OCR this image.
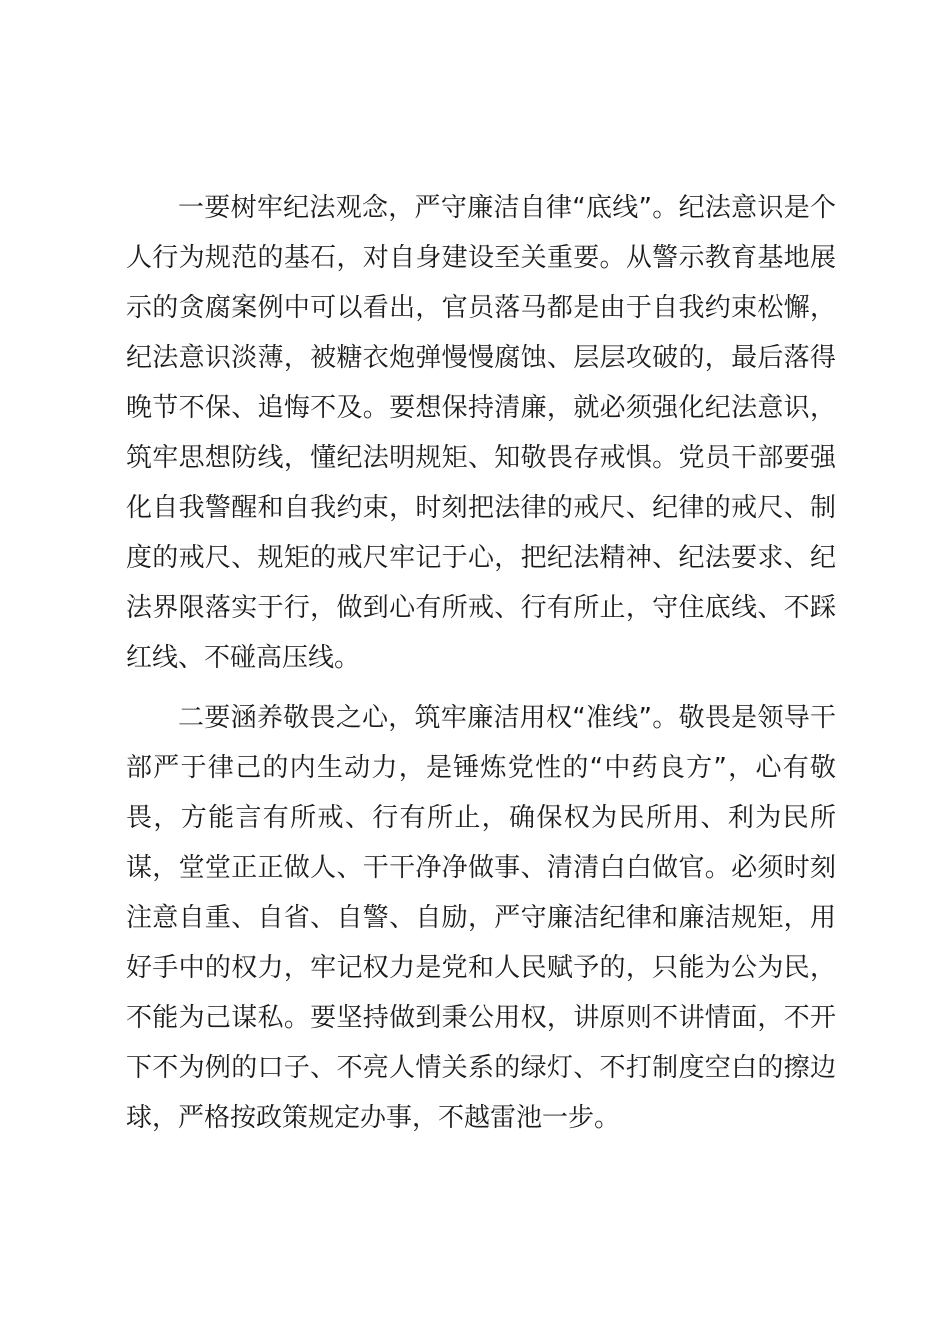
一要树牢纪法观念，严守廉洁自律“底线”。纪法意识是个人行为规范的基石，对自身建设至关重要。从警示教育基地展示的贪腐案例中可以看出，官员落马都是由于自我约束松懈，纪法意识淡薄，被糖衣炮弹慢慢腐蚀、层层攻破的，最后落得晚节不保、追悔不及。要想保持清廉，就必须强化纪法意识，筑牢思想防线，懂纪法明规矩、知敬畏存戒惧。党员干部要强化自我警醒和自我约束，时刻把法律的戒尺、纪律的戒尺、制度的戒尺、规矩的戒尺牢记于心，把纪法精神、纪法要求、纪法界限落实于行，做到心有所戒、行有所止，守住底线、不踩红线、不碰高压线。

二要涵养敬畏之心，筑牢廉洁用权“准线”。敬畏是领导干部严于律己的内生动力，是锤炼党性的“中药良方”，心有敬畏，方能言有所戒、行有所止，确保权为民所用、利为民所谋，堂堂正正做人、干干净净做事、清清白白做官。必须时刻注意自重、自省、自警、自励，严守廉洁纪律和廉洁规矩，用好手中的权力，牢记权力是党和人民赋予的，只能为公为民，不能为己谋私。要坚持做到秉公用权，讲原则不讲情面，不开下不为例的口子、不亮人情关系的绿灯、不打制度空白的擦边球，严格按政策规定办事，不越雷池一步。
